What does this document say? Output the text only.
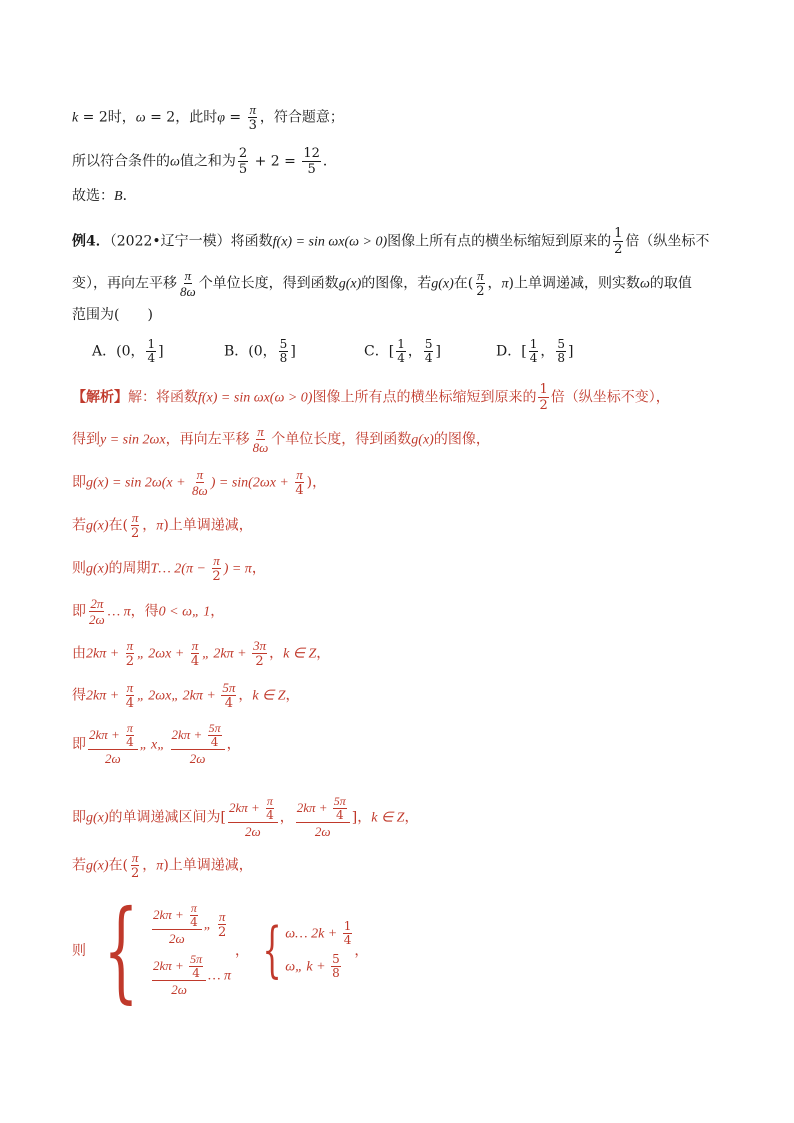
k = 2时，ω = 2，此时$\varphi = \frac{\pi}{3}$ ，符合题意；
所以符合条件的ω值之和为 $\frac{2}{5} + 2 = \frac{12}{5}$ ．
故选：B．
例4．（2022•辽宁一模）将函数f(x) = sin ωx(ω > 0)图像上所有点的横坐标缩短到原来的 $\frac{1}{2}$ 倍（纵坐标不
变），再向左平移 $\frac{\pi}{8\omega}$ 个单位长度，得到函数g(x)的图像，若g(x)在( $\frac{\pi}{2}$ ，π)上单调递减，则实数ω的取值
范围为(　　)
A．(0， $\frac{1}{4}$ ]	B．(0， $\frac{5}{8}$ ]	C．[ $\frac{1}{4}$ ， $\frac{5}{4}$ ]	D．[ $\frac{1}{4}$ ， $\frac{5}{8}$ ]
【解析】解：将函数f(x) = sin ωx(ω > 0)图像上所有点的横坐标缩短到原来的 $\frac{1}{2}$ 倍（纵坐标不变），
得到y = sin 2ωx，再向左平移 $\frac{\pi}{8\omega}$ 个单位长度，得到函数g(x)的图像，
即$g(x) = \sin 2\omega(x + \frac{\pi}{8\omega}$ ) = $\sin(2\omega x + \frac{\pi}{4}$ )，
若g(x)在( $\frac{\pi}{2}$ ，π)上单调递减，
则g(x)的周期T… $2(\pi - \frac{\pi}{2}$ ) = π，
即 $\frac{2\pi}{2\omega}$ … π，得0 < ω„ 1，
由$2k\pi + \frac{\pi}{2}$ „ $2\omega x + \frac{\pi}{4}$ „ $2k\pi + \frac{3\pi}{2}$ ，k ∈ Z，
得$2k\pi + \frac{\pi}{4}$ „ 2ωx„ $2k\pi + \frac{5\pi}{4}$ ，k ∈ Z，
即 $\frac{2k\pi + \frac{\pi}{4}}{2\omega}$ „ x„ $\frac{2k\pi + \frac{5\pi}{4}}{2\omega}$ ，
即g(x)的单调递减区间为[ $\frac{2k\pi + \frac{\pi}{4}}{2\omega}$ ， $\frac{2k\pi + \frac{5\pi}{4}}{2\omega}$ ]，k ∈ Z，
若g(x)在( $\frac{\pi}{2}$ ，π)上单调递减，
则 { $\frac{2k\pi + \frac{\pi}{4}}{2\omega}$ „ $\frac{\pi}{2}$
$\frac{2k\pi + \frac{5\pi}{4}}{2\omega}$ … π
， { ω… $2k + \frac{1}{4}$
ω„ $k + \frac{5}{8}$
，
